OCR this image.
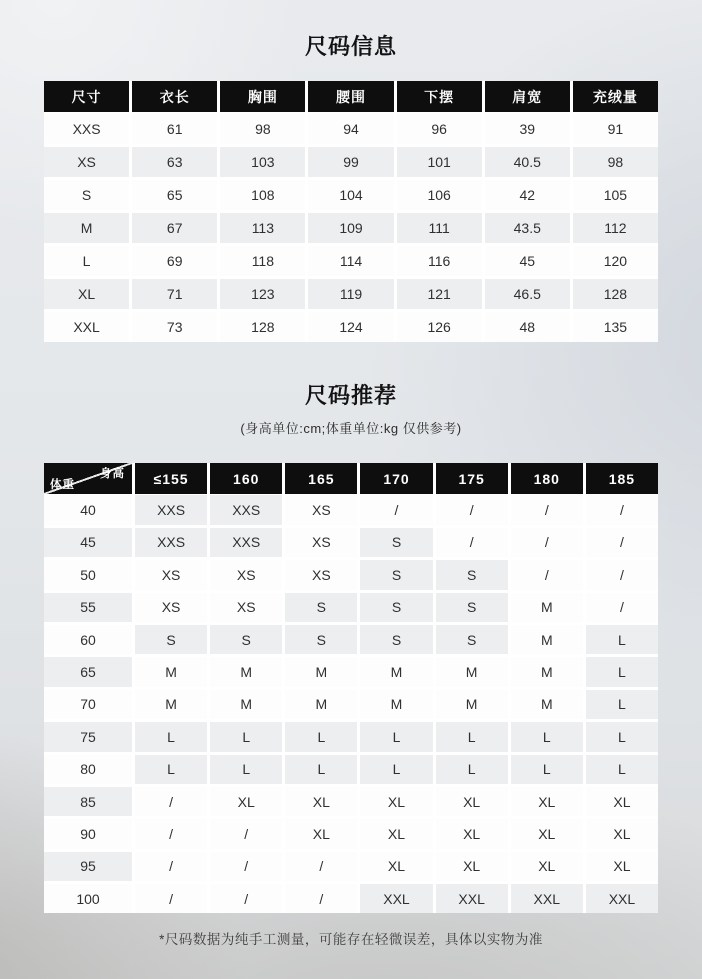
尺码信息
尺寸	衣长	胸围	腰围	下摆	肩宽	充绒量
XXS	61	98	94	96	39	91
XS	63	103	99	101	40.5	98
S	65	108	104	106	42	105
M	67	113	109	111	43.5	112
L	69	118	114	116	45	120
XL	71	123	119	121	46.5	128
XXL	73	128	124	126	48	135
尺码推荐
(身高单位:cm;体重单位:kg 仅供参考)
身高
体重	≤155	160	165	170	175	180	185
40	XXS	XXS	XS	/	/	/	/
45	XXS	XXS	XS	S	/	/	/
50	XS	XS	XS	S	S	/	/
55	XS	XS	S	S	S	M	/
60	S	S	S	S	S	M	L
65	M	M	M	M	M	M	L
70	M	M	M	M	M	M	L
75	L	L	L	L	L	L	L
80	L	L	L	L	L	L	L
85	/	XL	XL	XL	XL	XL	XL
90	/	/	XL	XL	XL	XL	XL
95	/	/	/	XL	XL	XL	XL
100	/	/	/	XXL	XXL	XXL	XXL
*尺码数据为纯手工测量，可能存在轻微误差，具体以实物为准
